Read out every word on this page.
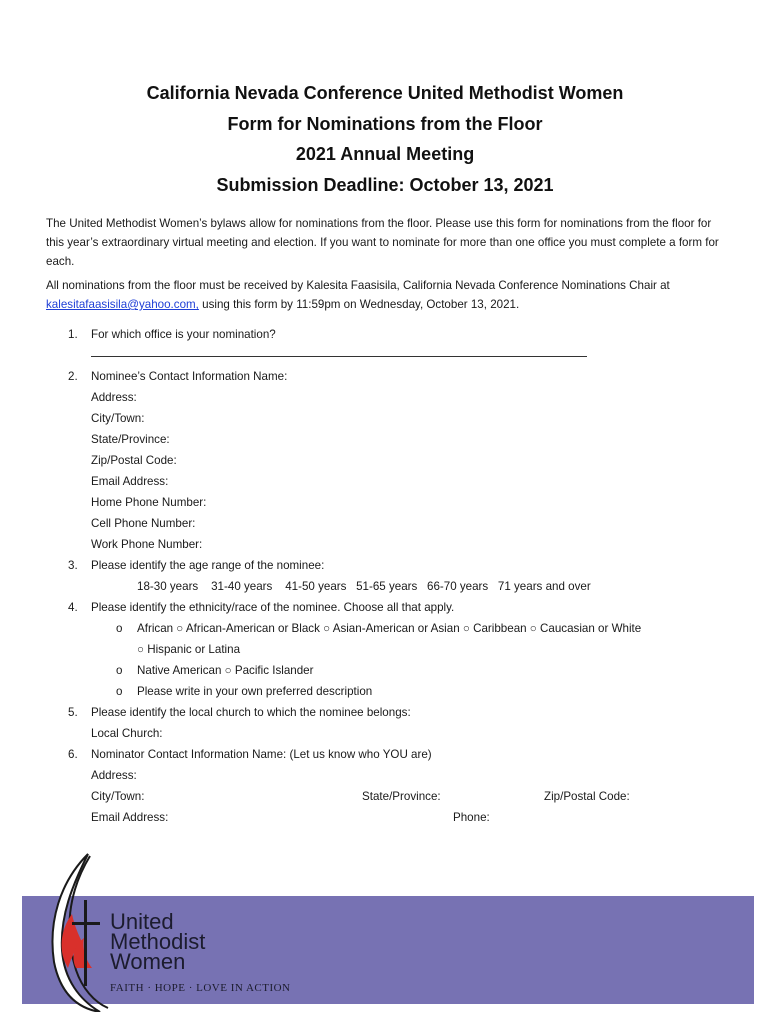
California Nevada Conference United Methodist Women
Form for Nominations from the Floor
2021 Annual Meeting
Submission Deadline: October 13, 2021
The United Methodist Women’s bylaws allow for nominations from the floor. Please use this form for nominations from the floor for this year’s extraordinary virtual meeting and election. If you want to nominate for more than one office you must complete a form for each.
All nominations from the floor must be received by Kalesita Faasisila, California Nevada Conference Nominations Chair at kalesitafaasisila@yahoo.com, using this form by 11:59pm on Wednesday, October 13, 2021.
1. For which office is your nomination?
2. Nominee’s Contact Information Name:
Address:
City/Town:
State/Province:
Zip/Postal Code:
Email Address:
Home Phone Number:
Cell Phone Number:
Work Phone Number:
3. Please identify the age range of the nominee:
18-30 years    31-40 years    41-50 years   51-65 years   66-70 years   71 years and over
4. Please identify the ethnicity/race of the nominee. Choose all that apply.
o African ○ African-American or Black ○ Asian-American or Asian ○ Caribbean ○ Caucasian or White
○ Hispanic or Latina
o Native American ○ Pacific Islander
o Please write in your own preferred description
5. Please identify the local church to which the nominee belongs:
Local Church:
6. Nominator Contact Information Name: (Let us know who YOU are)
Address:
City/Town:	State/Province:	Zip/Postal Code:
Email Address:	Phone:
United
Methodist
Women
FAITH · HOPE · LOVE IN ACTION
